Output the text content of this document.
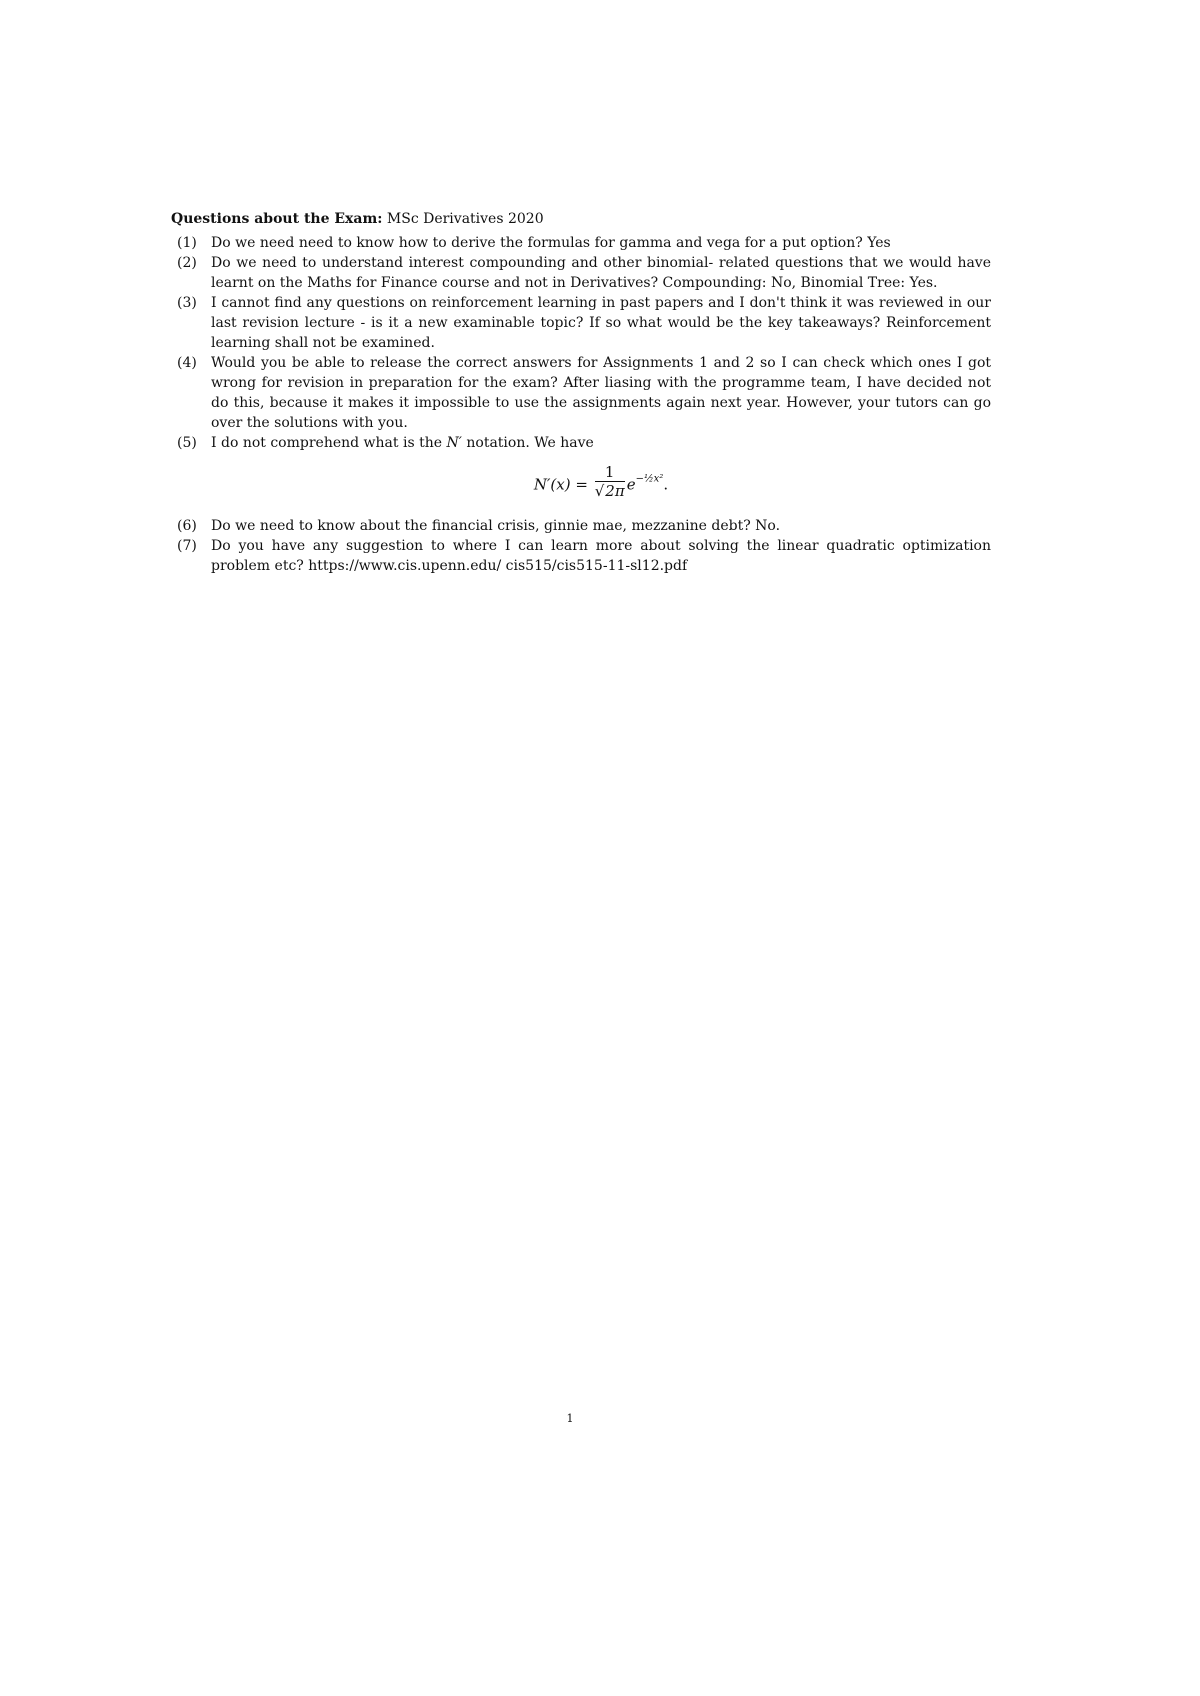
Questions about the Exam: MSc Derivatives 2020
(1)	Do we need need to know how to derive the formulas for gamma and vega for a put option? Yes
(2)	Do we need to understand interest compounding and other binomial- related questions that we would have learnt on the Maths for Finance course and not in Derivatives? Compounding: No, Binomial Tree: Yes.
(3)	I cannot find any questions on reinforcement learning in past papers and I don't think it was reviewed in our last revision lecture - is it a new examinable topic? If so what would be the key takeaways? Reinforcement learning shall not be examined.
(4)	Would you be able to release the correct answers for Assignments 1 and 2 so I can check which ones I got wrong for revision in preparation for the exam? After liasing with the programme team, I have decided not do this, because it makes it impossible to use the assignments again next year. However, your tutors can go over the solutions with you.
(5)	I do not comprehend what is the N′ notation. We have
$N'(x) = \frac{1}{√2\pi} e^{-\frac{1}{2}x^2}$.
(6)	Do we need to know about the financial crisis, ginnie mae, mezzanine debt? No.
(7)	Do you have any suggestion to where I can learn more about solving the linear quadratic optimization problem etc? https://www.cis.upenn.edu/ cis515/cis515-11-sl12.pdf
1
